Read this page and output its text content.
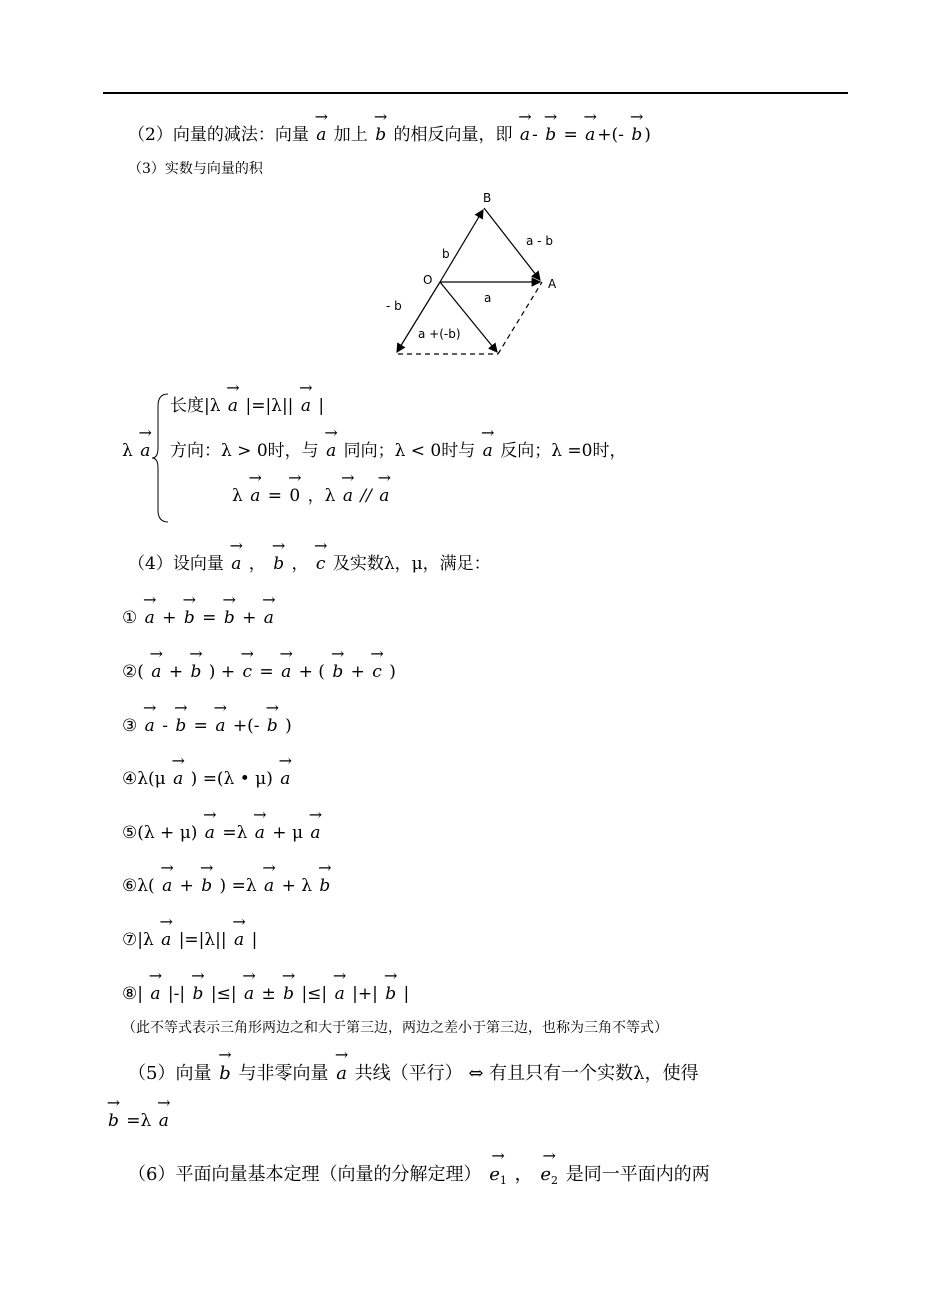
（2）向量的减法：向量 → a 加上 → b 的相反向量，即 → a - → b = → a +(- → b )
（3）实数与向量的积
B
O	A
b
a - b
a
- b
a +(-b)
λ → a
长度|λ → a |=|λ|| → a |
方向：λ > 0时，与 → a 同向；λ < 0时与 → a 反向；λ =0时，
λ → a = → 0 ，λ → a // → a
（4）设向量 → a ， → b ， → c 及实数λ，μ，满足：
① → a + → b = → b + → a
②( → a + → b ) + → c = → a + ( → b + → c )
③ → a - → b = → a +(- → b )
④λ(μ → a ) =(λ • μ) → a
⑤(λ + μ) → a =λ → a + μ → a
⑥λ( → a + → b ) =λ → a + λ → b
⑦|λ → a |=|λ|| → a |
⑧| → a |-| → b |≤| → a ± → b |≤| → a |+| → b |
（此不等式表示三角形两边之和大于第三边，两边之差小于第三边，也称为三角不等式）
（5）向量 → b 与非零向量 → a 共线（平行） ⇔ 有且只有一个实数λ，使得
→ b =λ → a
（6）平面向量基本定理（向量的分解定理） → $e_1$ ， → $e_2$ 是同一平面内的两
